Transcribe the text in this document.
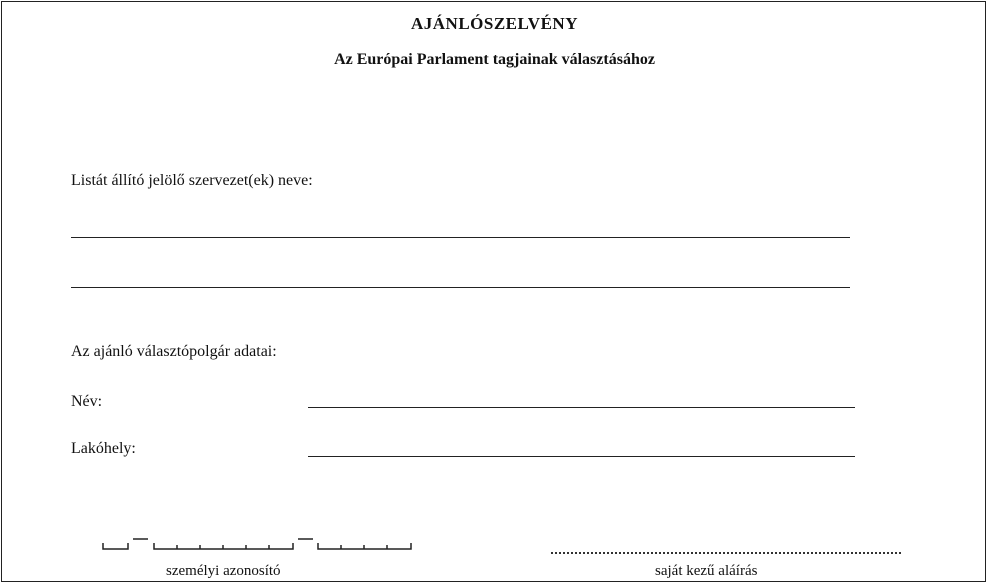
AJÁNLÓSZELVÉNY
Az Európai Parlament tagjainak választásához
Listát állító jelölő szervezet(ek) neve:
Az ajánló választópolgár adatai:
Név:
Lakóhely:
személyi azonosító	saját kezű aláírás
